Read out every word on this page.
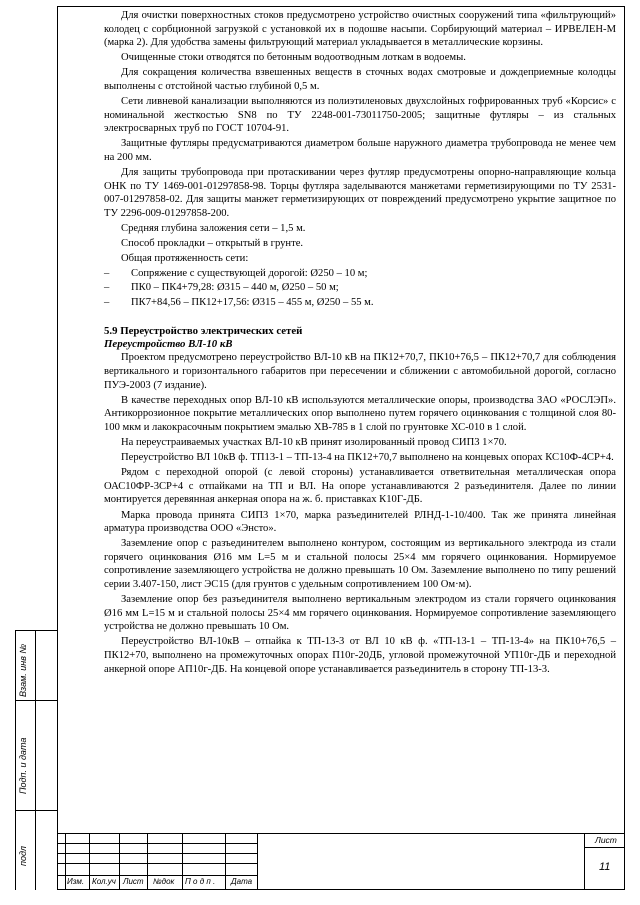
Для очистки поверхностных стоков предусмотрено устройство очистных сооружений типа «фильтрующий» колодец с сорбционной загрузкой с установкой их в подошве насыпи. Сорбирующий материал – ИРВЕЛЕН-М (марка 2). Для удобства замены фильтрующий материал укладывается в металлические корзины.

Очищенные стоки отводятся по бетонным водоотводным лоткам в водоемы.

Для сокращения количества взвешенных веществ в сточных водах смотровые и дождеприемные колодцы выполнены с отстойной частью глубиной 0,5 м.

Сети ливневой канализации выполняются из полиэтиленовых двухслойных гофрированных труб «Корсис» с номинальной жесткостью SN8 по ТУ 2248-001-73011750-2005; защитные футляры – из стальных электросварных труб по ГОСТ 10704-91.

Защитные футляры предусматриваются диаметром больше наружного диаметра трубопровода не менее чем на 200 мм.

Для защиты трубопровода при протаскивании через футляр предусмотрены опорно-направляющие кольца ОНК по ТУ 1469-001-01297858-98. Торцы футляра заделываются манжетами герметизирующими по ТУ 2531-007-01297858-02. Для защиты манжет герметизирующих от повреждений предусмотрено укрытие защитное по ТУ 2296-009-01297858-200.

Средняя глубина заложения сети – 1,5 м.

Способ прокладки – открытый в грунте.

Общая протяженность сети:

– Сопряжение с существующей дорогой: Ø250 – 10 м;

– ПК0 – ПК4+79,28: Ø315 – 440 м, Ø250 – 50 м;

– ПК7+84,56 – ПК12+17,56: Ø315 – 455 м, Ø250 – 55 м.

5.9 Переустройство электрических сетей
Переустройство ВЛ-10 кВ

Проектом предусмотрено переустройство ВЛ-10 кВ на ПК12+70,7, ПК10+76,5 – ПК12+70,7 для соблюдения вертикального и горизонтального габаритов при пересечении и сближении с автомобильной дорогой, согласно ПУЭ-2003 (7 издание).

В качестве переходных опор ВЛ-10 кВ используются металлические опоры, производства ЗАО «РОСЛЭП». Антикоррозионное покрытие металлических опор выполнено путем горячего оцинкования с толщиной слоя 80-100 мкм и лакокрасочным покрытием эмалью ХВ-785 в 1 слой по грунтовке ХС-010 в 1 слой.

На переустраиваемых участках ВЛ-10 кВ принят изолированный провод СИП3 1×70.

Переустройство ВЛ 10кВ ф. ТП13-1 – ТП-13-4 на ПК12+70,7 выполнено на концевых опорах КС10Ф-4СР+4.

Рядом с переходной опорой (с левой стороны) устанавливается ответвительная металлическая опора ОАС10ФР-3СР+4 с отпайками на ТП и ВЛ. На опоре устанавливаются 2 разъединителя. Далее по линии монтируется деревянная анкерная опора на ж. б. приставках К10Г-ДБ.

Марка провода принята СИП3 1×70, марка разъединителей РЛНД-1-10/400. Так же принята линейная арматура производства ООО «Энсто».

Заземление опор с разъединителем выполнено контуром, состоящим из вертикального электрода из стали горячего оцинкования Ø16 мм L=5 м и стальной полосы 25×4 мм горячего оцинкования. Нормируемое сопротивление заземляющего устройства не должно превышать 10 Ом. Заземление выполнено по типу решений серии 3.407-150, лист ЭС15 (для грунтов с удельным сопротивлением 100 Ом·м).

Заземление опор без разъединителя выполнено вертикальным электродом из стали горячего оцинкования Ø16 мм L=15 м и стальной полосы 25×4 мм горячего оцинкования. Нормируемое сопротивление заземляющего устройства не должно превышать 10 Ом.

Переустройство ВЛ-10кВ – отпайка к ТП-13-3 от ВЛ 10 кВ ф. «ТП-13-1 – ТП-13-4» на ПК10+76,5 – ПК12+70, выполнено на промежуточных опорах П10г-20ДБ, угловой промежуточной УП10г-ДБ и переходной анкерной опоре АП10г-ДБ. На концевой опоре устанавливается разъединитель в сторону ТП-13-3.

Взам. инв №
Подп. и дата
подл
Изм. Кол.уч Лист №док П о д п . Дата
Лист
11
